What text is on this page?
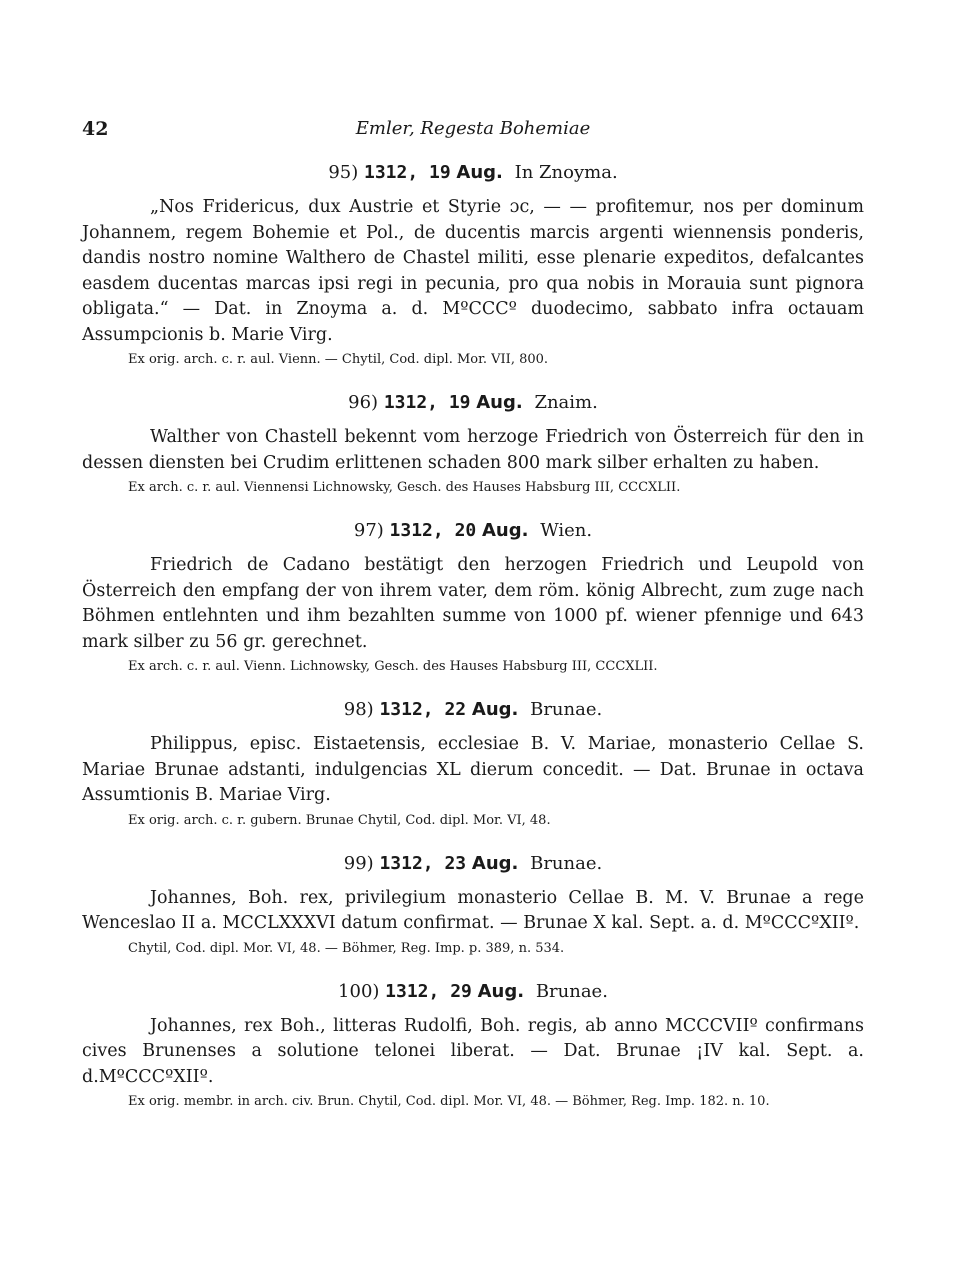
42	Emler, Regesta Bohemiae
95) 1312, 19 Aug. In Znoyma.

„Nos Fridericus, dux Austrie et Styrie ɔc, — — profitemur, nos per dominum Johannem, regem Bohemie et Pol., de ducentis marcis argenti wiennensis ponderis, dandis nostro nomine Walthero de Chastel militi, esse plenarie expeditos, defalcantes easdem ducentas marcas ipsi regi in pecunia, pro qua nobis in Morauia sunt pignora obligata.“ — Dat. in Znoyma a. d. MºCCCº duodecimo, sabbato infra octauam Assumpcionis b. Marie Virg.

Ex orig. arch. c. r. aul. Vienn. — Chytil, Cod. dipl. Mor. VII, 800.
96) 1312, 19 Aug. Znaim.

Walther von Chastell bekennt vom herzoge Friedrich von Österreich für den in dessen diensten bei Crudim erlittenen schaden 800 mark silber erhalten zu haben.

Ex arch. c. r. aul. Viennensi Lichnowsky, Gesch. des Hauses Habsburg III, CCCXLII.
97) 1312, 20 Aug. Wien.

Friedrich de Cadano bestätigt den herzogen Friedrich und Leupold von Österreich den empfang der von ihrem vater, dem röm. könig Albrecht, zum zuge nach Böhmen entlehnten und ihm bezahlten summe von 1000 pf. wiener pfennige und 643 mark silber zu 56 gr. gerechnet.

Ex arch. c. r. aul. Vienn. Lichnowsky, Gesch. des Hauses Habsburg III, CCCXLII.
98) 1312, 22 Aug. Brunae.

Philippus, episc. Eistaetensis, ecclesiae B. V. Mariae, monasterio Cellae S. Mariae Brunae adstanti, indulgencias XL dierum concedit. — Dat. Brunae in octava Assumtionis B. Mariae Virg.

Ex orig. arch. c. r. gubern. Brunae Chytil, Cod. dipl. Mor. VI, 48.
99) 1312, 23 Aug. Brunae.

Johannes, Boh. rex, privilegium monasterio Cellae B. M. V. Brunae a rege Wenceslao II a. MCCLXXXVI datum confirmat. — Brunae X kal. Sept. a. d. MºCCCºXIIº.

Chytil, Cod. dipl. Mor. VI, 48. — Böhmer, Reg. Imp. p. 389, n. 534.
100) 1312, 29 Aug. Brunae.

Johannes, rex Boh., litteras Rudolfi, Boh. regis, ab anno MCCCVIIº confirmans cives Brunenses a solutione telonei liberat. — Dat. Brunae ¡IV kal. Sept. a. d.MºCCCºXIIº.

Ex orig. membr. in arch. civ. Brun. Chytil, Cod. dipl. Mor. VI, 48. — Böhmer, Reg. Imp. 182. n. 10.
